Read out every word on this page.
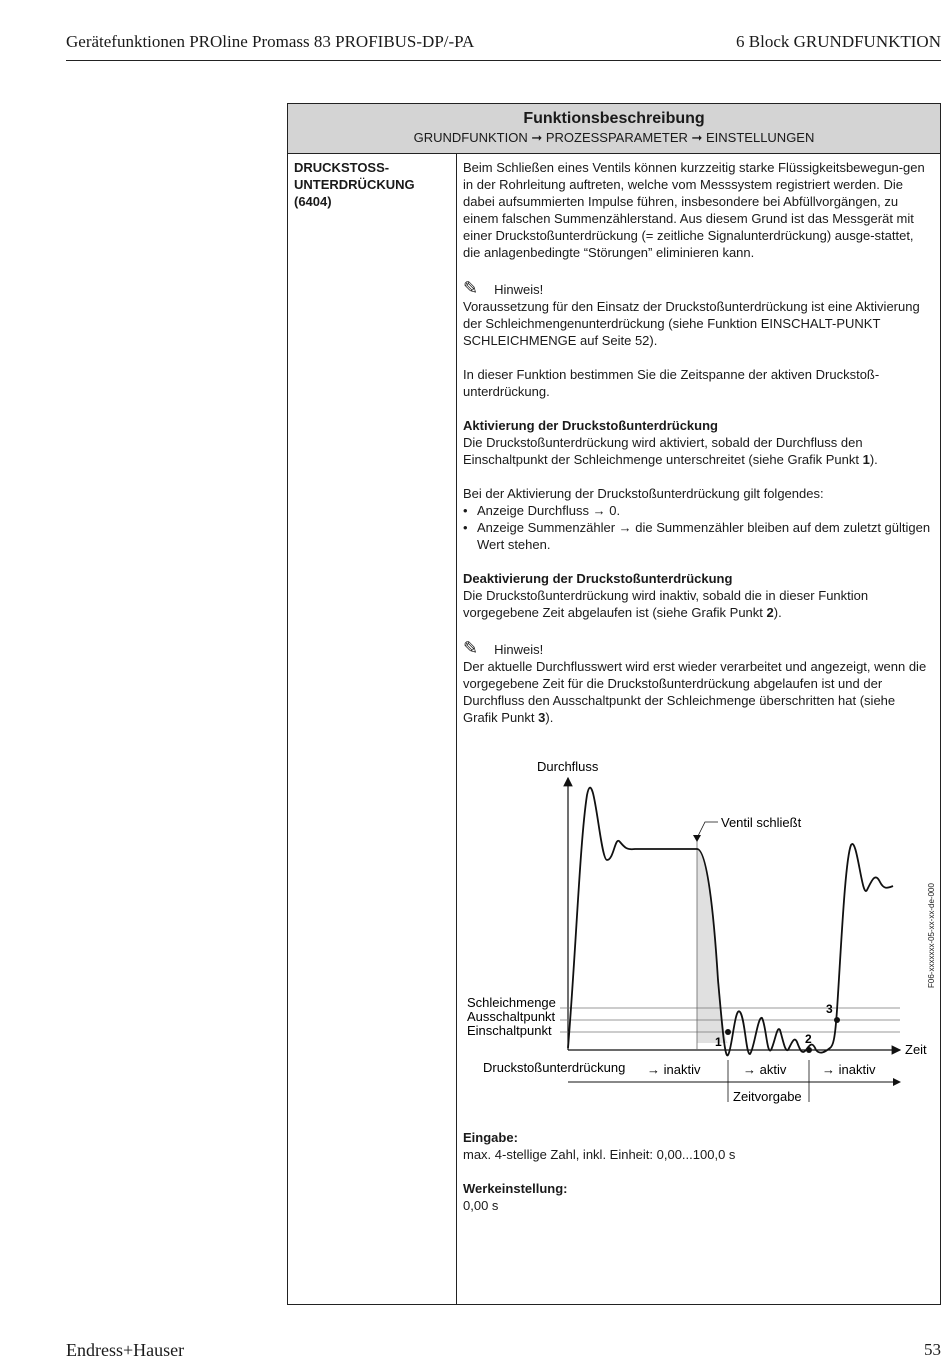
Gerätefunktionen PROline Promass 83 PROFIBUS-DP/-PA	6 Block GRUNDFUNKTION
Funktionsbeschreibung
GRUNDFUNKTION ➞ PROZESSPARAMETER ➞ EINSTELLUNGEN
DRUCKSTOSS-
UNTERDRÜCKUNG
(6404)

Beim Schließen eines Ventils können kurzzeitig starke Flüssigkeitsbewegun-gen in der Rohrleitung auftreten, welche vom Messsystem registriert werden. Die dabei aufsummierten Impulse führen, insbesondere bei Abfüllvorgängen, zu einem falschen Summenzählerstand. Aus diesem Grund ist das Messgerät mit einer Druckstoßunterdrückung (= zeitliche Signalunterdrückung) ausge-stattet, die anlagenbedingte “Störungen” eliminieren kann.

✎ Hinweis!

Voraussetzung für den Einsatz der Druckstoßunterdrückung ist eine Aktivierung der Schleichmengenunterdrückung (siehe Funktion EINSCHALT-PUNKT SCHLEICHMENGE auf Seite 52).

In dieser Funktion bestimmen Sie die Zeitspanne der aktiven Druckstoß-unterdrückung.

Aktivierung der Druckstoßunterdrückung

Die Druckstoßunterdrückung wird aktiviert, sobald der Durchfluss den Einschaltpunkt der Schleichmenge unterschreitet (siehe Grafik Punkt 1).

Bei der Aktivierung der Druckstoßunterdrückung gilt folgendes:

• Anzeige Durchfluss → 0.
• Anzeige Summenzähler → die Summenzähler bleiben auf dem zuletzt gültigen Wert stehen.

Deaktivierung der Druckstoßunterdrückung

Die Druckstoßunterdrückung wird inaktiv, sobald die in dieser Funktion vorgegebene Zeit abgelaufen ist (siehe Grafik Punkt 2).

✎ Hinweis!

Der aktuelle Durchflusswert wird erst wieder verarbeitet und angezeigt, wenn die vorgegebene Zeit für die Druckstoßunterdrückung abgelaufen ist und der Durchfluss den Ausschaltpunkt der Schleichmenge überschritten hat (siehe Grafik Punkt 3).

Eingabe:

max. 4-stellige Zahl, inkl. Einheit: 0,00...100,0 s

Werkeinstellung:

0,00 s

Durchfluss
Zeit
Schleichmenge
Ausschaltpunkt
Einschaltpunkt
Ventil schließt
1	2
3
Druckstoßunterdrückung → inaktiv	→ aktiv	→ inaktiv
Zeitvorgabe
F06-xxxxxxx-05-xx-xx-de-000
Endress+Hauser	53
